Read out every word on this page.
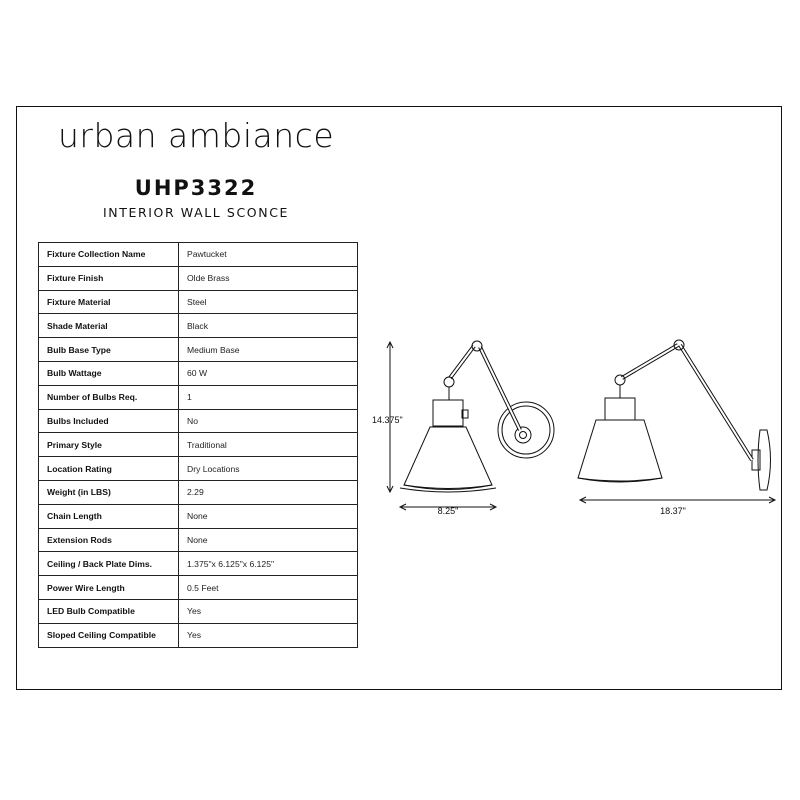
urban ambiance
UHP3322
INTERIOR WALL SCONCE
Fixture Collection Name	Pawtucket
Fixture Finish	Olde Brass
Fixture Material	Steel
Shade Material	Black
Bulb Base Type	Medium Base
Bulb Wattage	60 W
Number of Bulbs Req.	1
Bulbs Included	No
Primary Style	Traditional
Location Rating	Dry Locations
Weight (in LBS)	2.29
Chain Length	None
Extension Rods	None
Ceiling / Back Plate Dims.	1.375"x 6.125"x 6.125"
Power Wire Length	0.5 Feet
LED Bulb Compatible	Yes
Sloped Ceiling Compatible	Yes
14.375"
8.25"	18.37"
